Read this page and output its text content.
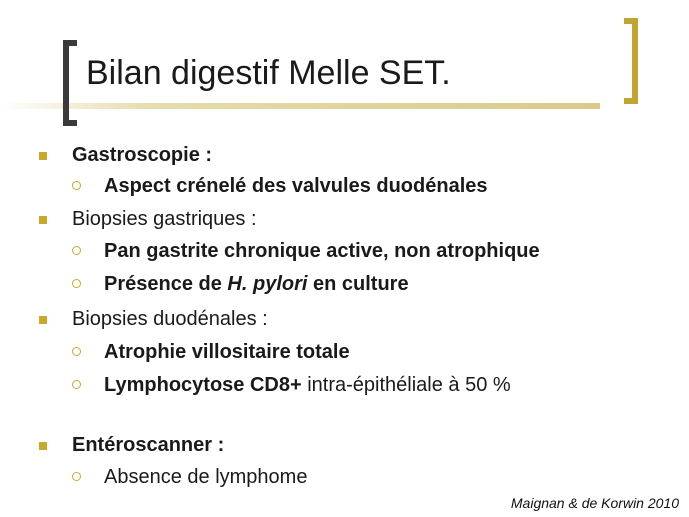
Bilan digestif Melle SET.
Gastroscopie :
Aspect crénelé des valvules duodénales
Biopsies gastriques :
Pan gastrite chronique active, non atrophique
Présence de H. pylori en culture
Biopsies duodénales :
Atrophie villositaire totale
Lymphocytose CD8+ intra-épithéliale à 50 %
Entéroscanner :
Absence de lymphome
Maignan & de Korwin 2010
